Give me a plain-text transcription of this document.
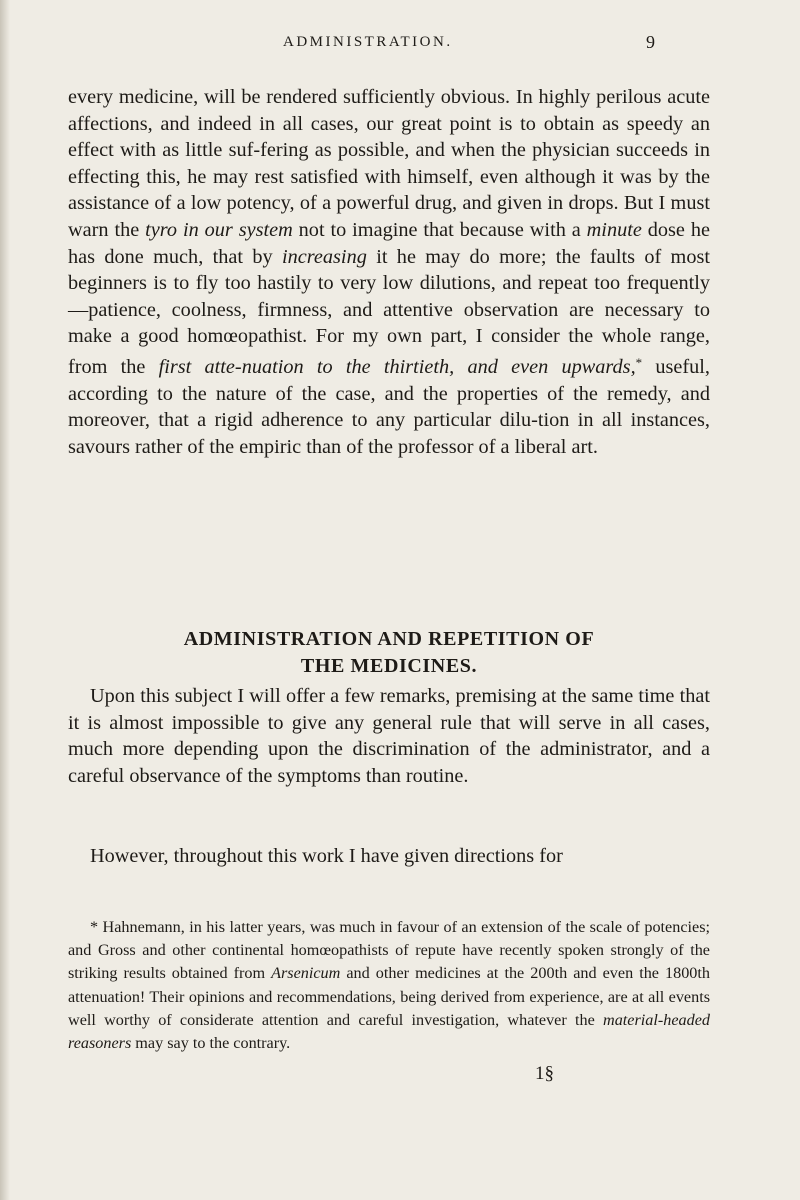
ADMINISTRATION.	9

every medicine, will be rendered sufficiently obvious. In highly perilous acute affections, and indeed in all cases, our great point is to obtain as speedy an effect with as little suf-fering as possible, and when the physician succeeds in effecting this, he may rest satisfied with himself, even although it was by the assistance of a low potency, of a powerful drug, and given in drops. But I must warn the tyro in our system not to imagine that because with a minute dose he has done much, that by increasing it he may do more; the faults of most beginners is to fly too hastily to very low dilutions, and repeat too frequently—patience, coolness, firmness, and attentive observation are necessary to make a good homœopathist. For my own part, I consider the whole range, from the first atte-nuation to the thirtieth, and even upwards,* useful, according to the nature of the case, and the properties of the remedy, and moreover, that a rigid adherence to any particular dilu-tion in all instances, savours rather of the empiric than of the professor of a liberal art.

ADMINISTRATION AND REPETITION OF
THE MEDICINES.

Upon this subject I will offer a few remarks, premising at the same time that it is almost impossible to give any general rule that will serve in all cases, much more depending upon the discrimination of the administrator, and a careful observance of the symptoms than routine.

However, throughout this work I have given directions for

* Hahnemann, in his latter years, was much in favour of an extension of the scale of potencies; and Gross and other continental homœopathists of repute have recently spoken strongly of the striking results obtained from Arsenicum and other medicines at the 200th and even the 1800th attenuation! Their opinions and recommendations, being derived from experience, are at all events well worthy of considerate attention and careful investigation, whatever the material-headed reasoners may say to the contrary.

1§
